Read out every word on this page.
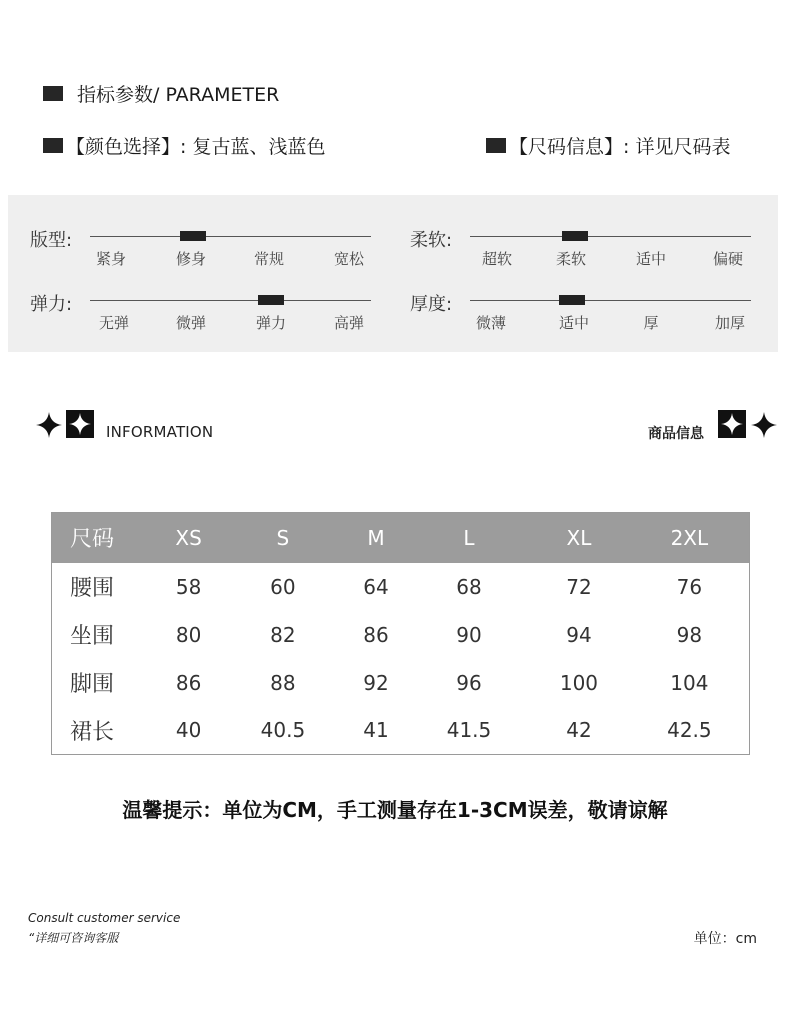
指标参数/ PARAMETER
【颜色选择】: 复古蓝、浅蓝色	【尺码信息】: 详见尺码表
版型:
紧身	修身	常规	宽松
柔软:
超软	柔软	适中	偏硬
弹力:
无弹	微弹	弹力	高弹
厚度:
微薄	适中	厚	加厚
INFORMATION	商品信息
尺码	XS	S	M	L	XL	2XL
腰围	58	60	64	68	72	76
坐围	80	82	86	90	94	98
脚围	86	88	92	96	100	104
裙长	40	40.5	41	41.5	42	42.5
温馨提示：单位为CM，手工测量存在1-3CM误差，敬请谅解
Consult customer service
“详细可咨询客服	单位：cm
